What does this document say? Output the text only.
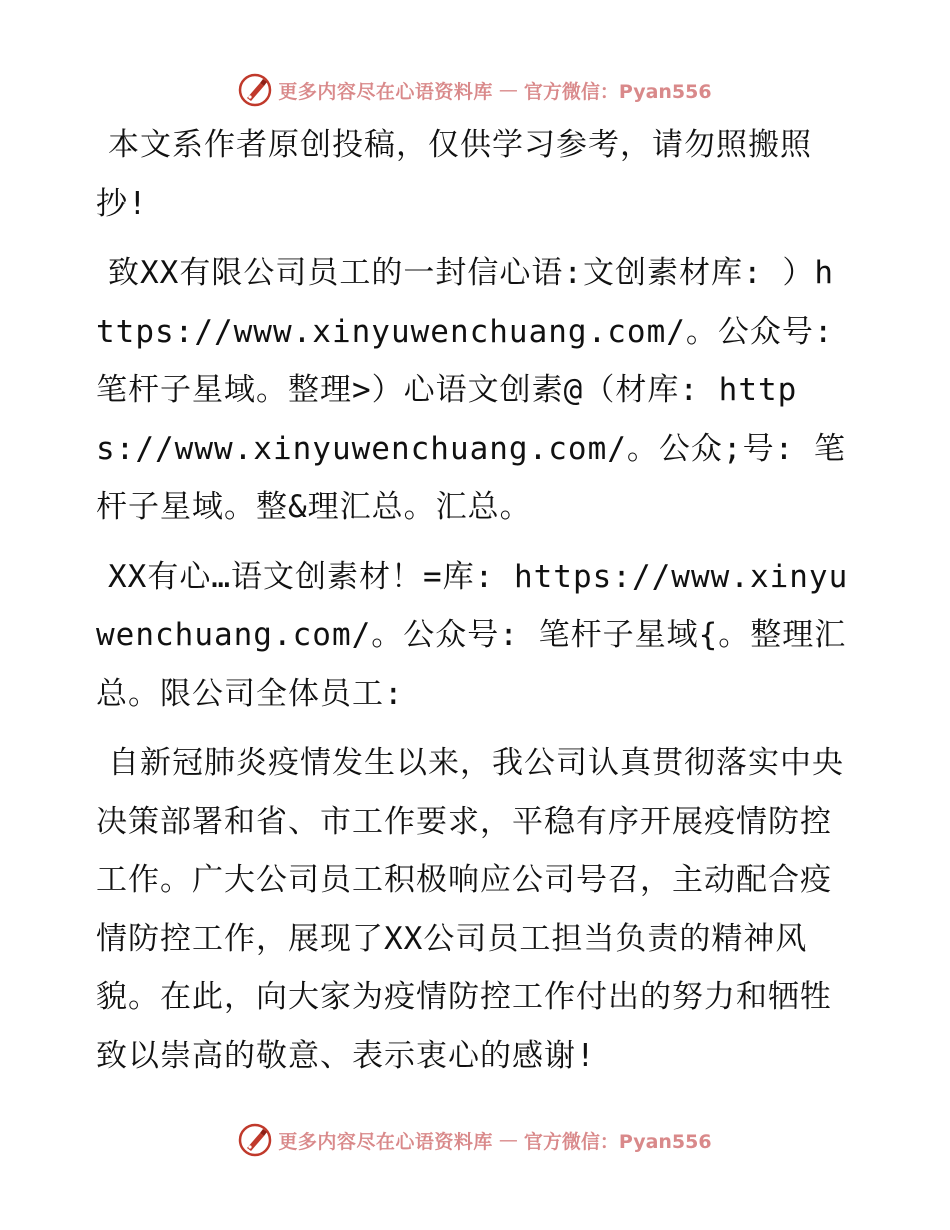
更多内容尽在心语资料库 — 官方微信：Pyan556

本文系作者原创投稿，仅供学习参考，请勿照搬照抄!

致XX有限公司员工的一封信心语:文创素材库: ）https://www.xinyuwenchuang.com/。公众号: 笔杆子星域。整理>）心语文创素@（材库: https://www.xinyuwenchuang.com/。公众;号: 笔杆子星域。整&理汇总。汇总。

XX有心…语文创素材！=库: https://www.xinyuwenchuang.com/。公众号: 笔杆子星域{。整理汇总。限公司全体员工:

自新冠肺炎疫情发生以来，我公司认真贯彻落实中央决策部署和省、市工作要求，平稳有序开展疫情防控工作。广大公司员工积极响应公司号召，主动配合疫情防控工作，展现了XX公司员工担当负责的精神风貌。在此，向大家为疫情防控工作付出的努力和牺牲致以崇高的敬意、表示衷心的感谢!

更多内容尽在心语资料库 — 官方微信：Pyan556
